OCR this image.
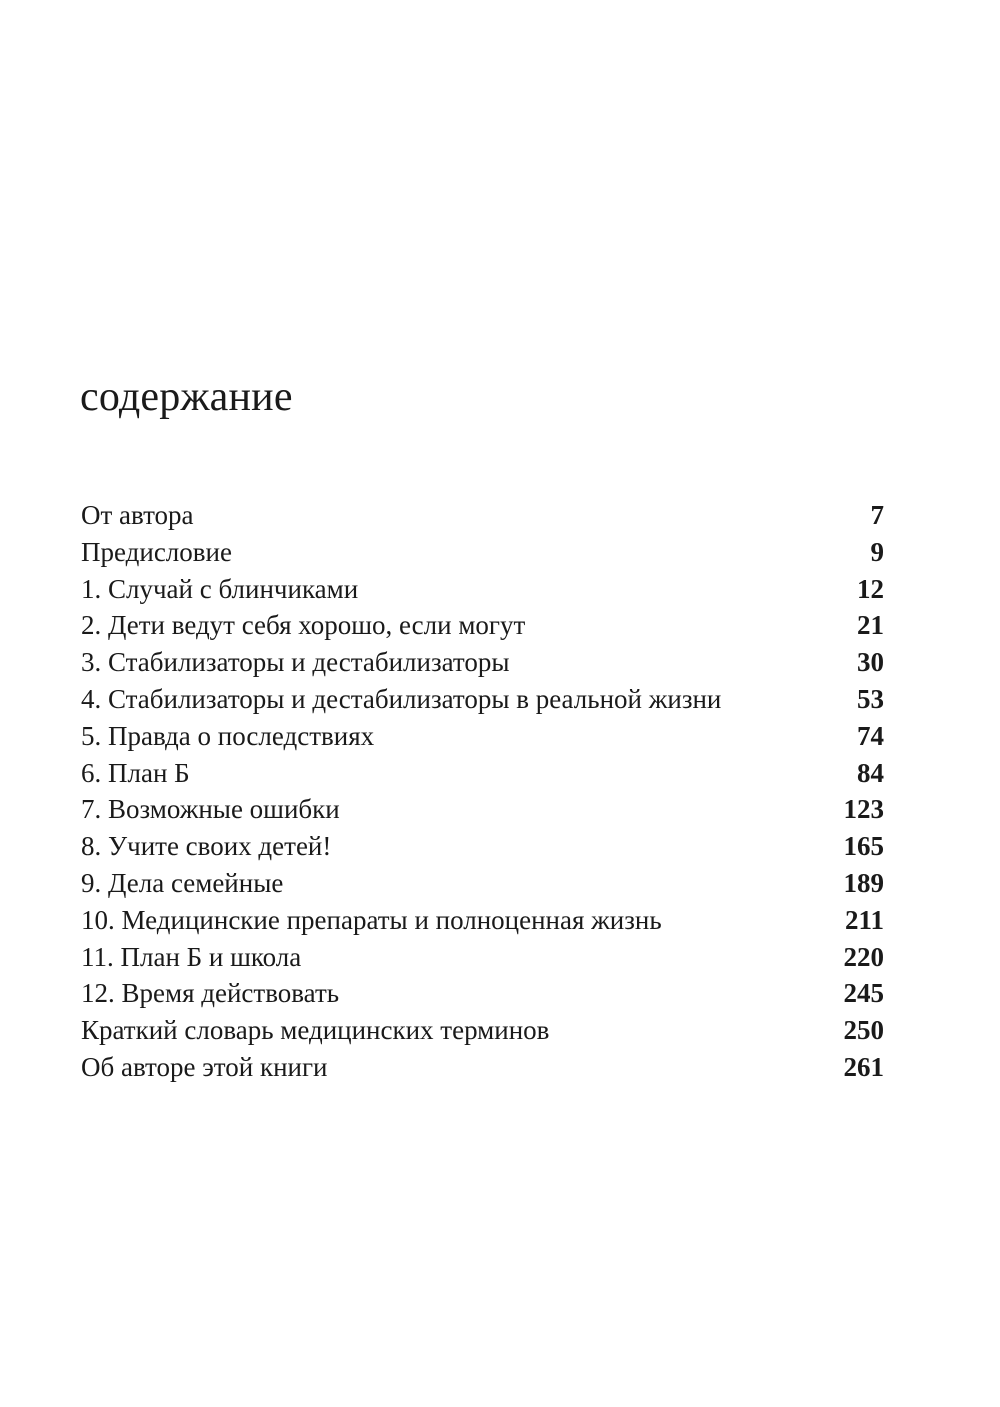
содержание
От автора	7
Предисловие	9
1. Случай с блинчиками	12
2. Дети ведут себя хорошо, если могут	21
3. Стабилизаторы и дестабилизаторы	30
4. Стабилизаторы и дестабилизаторы в реальной жизни	53
5. Правда о последствиях	74
6. План Б	84
7. Возможные ошибки	123
8. Учите своих детей!	165
9. Дела семейные	189
10. Медицинские препараты и полноценная жизнь	211
11. План Б и школа	220
12. Время действовать	245
Краткий словарь медицинских терминов	250
Об авторе этой книги	261
